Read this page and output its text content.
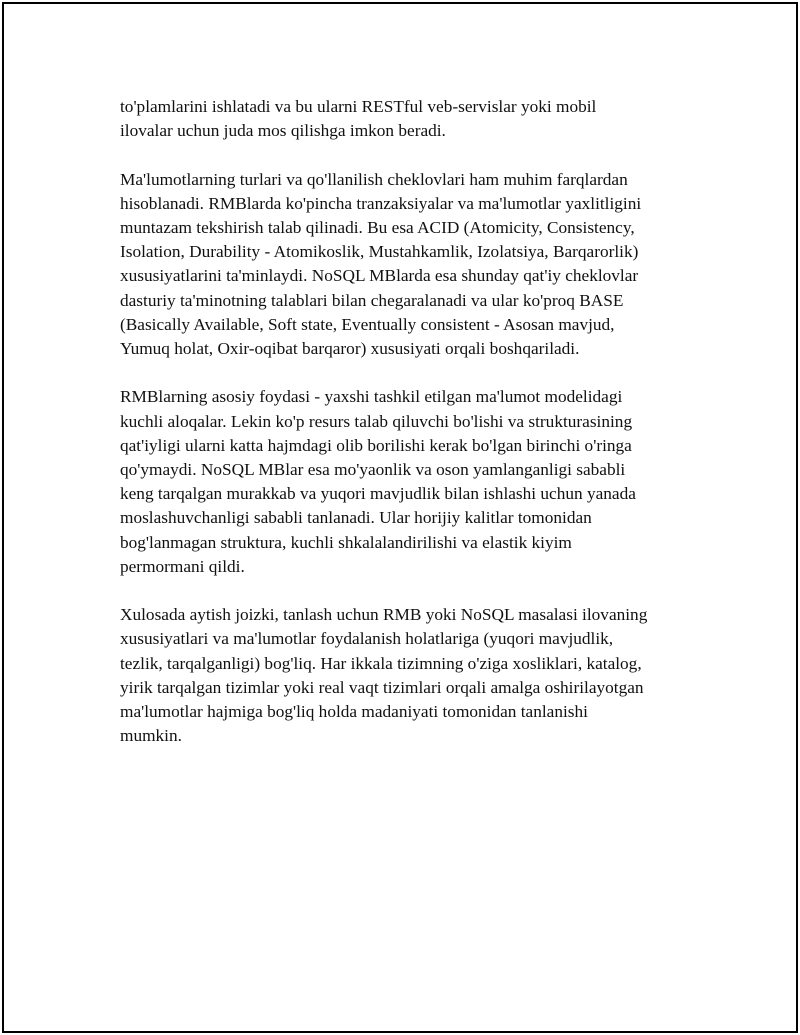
to'plamlarini ishlatadi va bu ularni RESTful veb-servislar yoki mobil
ilovalar uchun juda mos qilishga imkon beradi.

Ma'lumotlarning turlari va qo'llanilish cheklovlari ham muhim farqlardan
hisoblanadi. RMBlarda ko'pincha tranzaksiyalar va ma'lumotlar yaxlitligini
muntazam tekshirish talab qilinadi. Bu esa ACID (Atomicity, Consistency,
Isolation, Durability - Atomikoslik, Mustahkamlik, Izolatsiya, Barqarorlik)
xususiyatlarini ta'minlaydi. NoSQL MBlarda esa shunday qat'iy cheklovlar
dasturiy ta'minotning talablari bilan chegaralanadi va ular ko'proq BASE
(Basically Available, Soft state, Eventually consistent - Asosan mavjud,
Yumuq holat, Oxir-oqibat barqaror) xususiyati orqali boshqariladi.

RMBlarning asosiy foydasi - yaxshi tashkil etilgan ma'lumot modelidagi
kuchli aloqalar. Lekin ko'p resurs talab qiluvchi bo'lishi va strukturasining
qat'iyligi ularni katta hajmdagi olib borilishi kerak bo'lgan birinchi o'ringa
qo'ymaydi. NoSQL MBlar esa mo'yaonlik va oson yamlanganligi sababli
keng tarqalgan murakkab va yuqori mavjudlik bilan ishlashi uchun yanada
moslashuvchanligi sababli tanlanadi. Ular horijiy kalitlar tomonidan
bog'lanmagan struktura, kuchli shkalalandirilishi va elastik kiyim
permormani qildi.

Xulosada aytish joizki, tanlash uchun RMB yoki NoSQL masalasi ilovaning
xususiyatlari va ma'lumotlar foydalanish holatlariga (yuqori mavjudlik,
tezlik, tarqalganligi) bog'liq. Har ikkala tizimning o'ziga xosliklari, katalog,
yirik tarqalgan tizimlar yoki real vaqt tizimlari orqali amalga oshirilayotgan
ma'lumotlar hajmiga bog'liq holda madaniyati tomonidan tanlanishi
mumkin.
